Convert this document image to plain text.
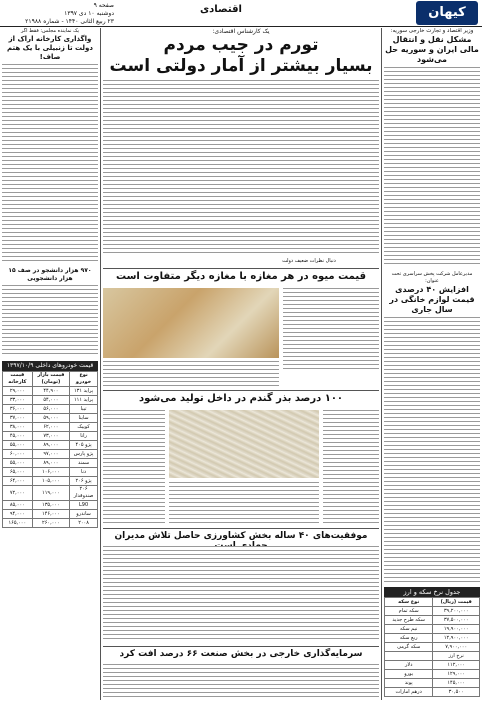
کیهان
اقتصادی
صفحه ۹
دوشنبه ۱۰ دی ۱۳۹۷
۲۳ ربیع الثانی ۱۴۴۰ - شماره ۲۱۹۸۸
وزیر اقتصاد و تجارت خارجی سوریه:
مشکل نقل و انتقال مالی ایران و سوریه حل می‌شود
مدیرعامل شرکت پخش سراسری تحت عنوان:
افزایش ۴۰ درصدی قیمت لوازم خانگی در سال جاری
جدول نرخ سکه و ارز
قیمت (ریال)	نوع سکه
۳۹,۲۰۰,۰۰۰	سکه تمام
۳۷,۵۰۰,۰۰۰	سکه طرح جدید
۱۹,۹۰۰,۰۰۰	نیم سکه
۱۲,۹۰۰,۰۰۰	ربع سکه
۷,۹۰۰,۰۰۰	سکه گرمی
نرخ ارز	
۱۱۲,۰۰۰	دلار
۱۲۹,۰۰۰	یورو
۱۴۵,۰۰۰	پوند
۳۰,۵۰۰	درهم امارات
یک کارشناس اقتصادی:
تورم در جیب مردم
بسیار بیشتر از آمار دولتی است
دنبال نظرات ضعیف دولت
قیمت میوه در هر مغازه با مغازه دیگر متفاوت است
۱۰۰ درصد بذر گندم در داخل تولید می‌شود
موفقیت‌های ۴۰ ساله بخش کشاورزی حاصل تلاش مدیران
سرمایه‌گذاری خارجی در بخش صنعت ۶۶ درصد افت کرد
یک نماینده مجلس: فقط اگر
واگذاری کارخانه اراک از دولت تا زنبیلی با یک هتم صاف!
۹۷۰ هزار دانشجو در صف ۱۵ هزار دانشجویی
قیمت خودروهای داخلی ۱۳۹۷/۱۰/۹
نوع خودرو	قیمت بازار (تومان)	قیمت کارخانه
پراید ۱۳۱	۴۴,۹۰۰	۲۹,۰۰۰
پراید ۱۱۱	۵۴,۰۰۰	۳۳,۰۰۰
تیبا	۵۶,۰۰۰	۳۶,۰۰۰
ساینا	۵۹,۰۰۰	۳۷,۰۰۰
کوییک	۶۲,۰۰۰	۳۸,۰۰۰
رانا	۷۳,۰۰۰	۴۵,۰۰۰
پژو ۴۰۵	۸۹,۰۰۰	۵۵,۰۰۰
پژو پارس	۹۷,۰۰۰	۶۰,۰۰۰
سمند	۸۹,۰۰۰	۵۵,۰۰۰
دنا	۱۰۶,۰۰۰	۶۵,۰۰۰
پژو ۲۰۶	۱۰۵,۰۰۰	۶۴,۰۰۰
۲۰۶ صندوقدار	۱۱۹,۰۰۰	۷۲,۰۰۰
L90	۱۳۵,۰۰۰	۸۵,۰۰۰
ساندرو	۱۴۶,۰۰۰	۹۴,۰۰۰
۲۰۰۸	۲۶۰,۰۰۰	۱۶۵,۰۰۰
